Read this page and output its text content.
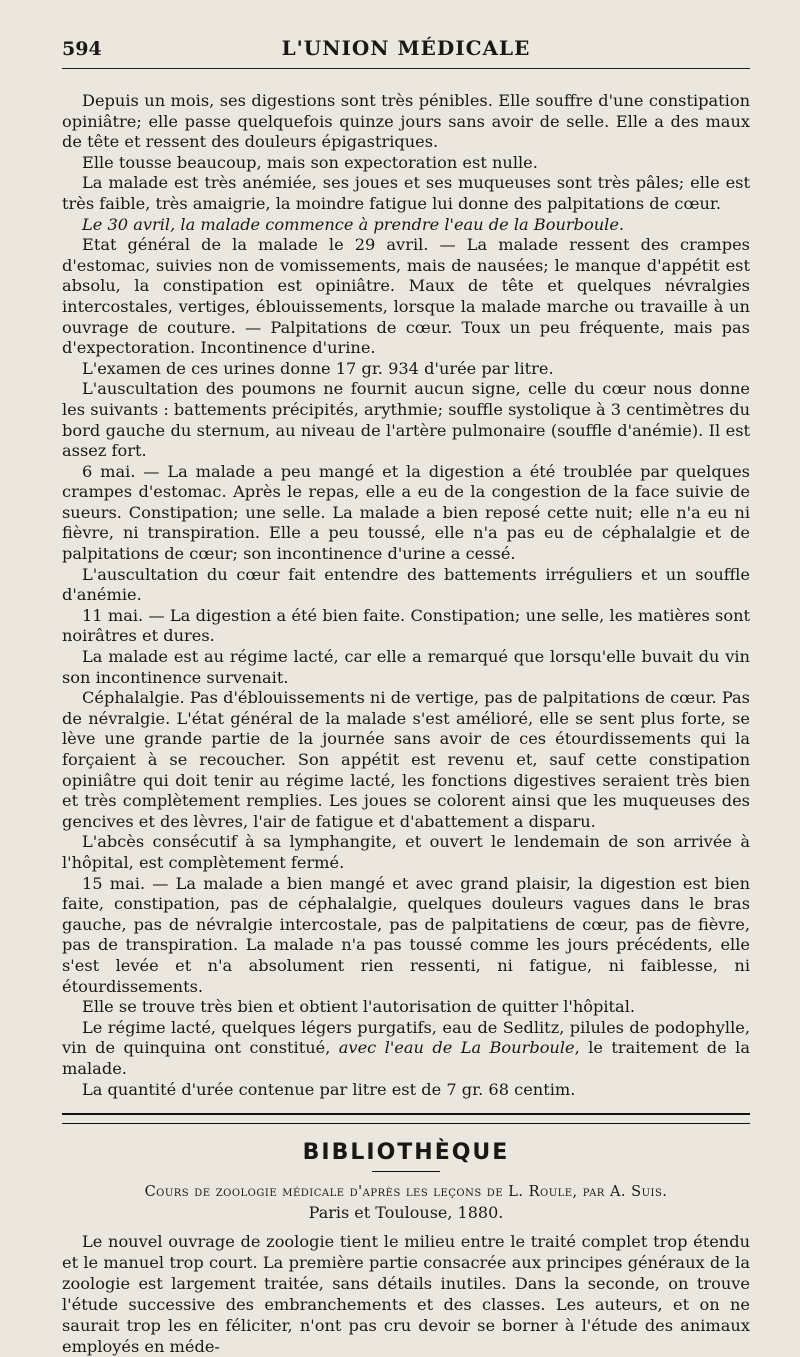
594	L'UNION MÉDICALE

Depuis un mois, ses digestions sont très pénibles. Elle souffre d'une constipation opiniâtre; elle passe quelquefois quinze jours sans avoir de selle. Elle a des maux de tête et ressent des douleurs épigastriques.

Elle tousse beaucoup, mais son expectoration est nulle.

La malade est très anémiée, ses joues et ses muqueuses sont très pâles; elle est très faible, très amaigrie, la moindre fatigue lui donne des palpitations de cœur.

Le 30 avril, la malade commence à prendre l'eau de la Bourboule.

Etat général de la malade le 29 avril. — La malade ressent des crampes d'estomac, suivies non de vomissements, mais de nausées; le manque d'appétit est absolu, la constipation est opiniâtre. Maux de tête et quelques névralgies intercostales, vertiges, éblouissements, lorsque la malade marche ou travaille à un ouvrage de couture. — Palpitations de cœur. Toux un peu fréquente, mais pas d'expectoration. Incontinence d'urine.

L'examen de ces urines donne 17 gr. 934 d'urée par litre.

L'auscultation des poumons ne fournit aucun signe, celle du cœur nous donne les suivants : battements précipités, arythmie; souffle systolique à 3 centimètres du bord gauche du sternum, au niveau de l'artère pulmonaire (souffle d'anémie). Il est assez fort.

6 mai. — La malade a peu mangé et la digestion a été troublée par quelques crampes d'estomac. Après le repas, elle a eu de la congestion de la face suivie de sueurs. Constipation; une selle. La malade a bien reposé cette nuit; elle n'a eu ni fièvre, ni transpiration. Elle a peu toussé, elle n'a pas eu de céphalalgie et de palpitations de cœur; son incontinence d'urine a cessé.

L'auscultation du cœur fait entendre des battements irréguliers et un souffle d'anémie.

11 mai. — La digestion a été bien faite. Constipation; une selle, les matières sont noirâtres et dures.

La malade est au régime lacté, car elle a remarqué que lorsqu'elle buvait du vin son incontinence survenait.

Céphalalgie. Pas d'éblouissements ni de vertige, pas de palpitations de cœur. Pas de névralgie. L'état général de la malade s'est amélioré, elle se sent plus forte, se lève une grande partie de la journée sans avoir de ces étourdissements qui la forçaient à se recoucher. Son appétit est revenu et, sauf cette constipation opiniâtre qui doit tenir au régime lacté, les fonctions digestives seraient très bien et très complètement remplies. Les joues se colorent ainsi que les muqueuses des gencives et des lèvres, l'air de fatigue et d'abattement a disparu.

L'abcès consécutif à sa lymphangite, et ouvert le lendemain de son arrivée à l'hôpital, est complètement fermé.

15 mai. — La malade a bien mangé et avec grand plaisir, la digestion est bien faite, constipation, pas de céphalalgie, quelques douleurs vagues dans le bras gauche, pas de névralgie intercostale, pas de palpitatiens de cœur, pas de fièvre, pas de transpiration. La malade n'a pas toussé comme les jours précédents, elle s'est levée et n'a absolument rien ressenti, ni fatigue, ni faiblesse, ni étourdissements.

Elle se trouve très bien et obtient l'autorisation de quitter l'hôpital.

Le régime lacté, quelques légers purgatifs, eau de Sedlitz, pilules de podophylle, vin de quinquina ont constitué, avec l'eau de La Bourboule, le traitement de la malade.

La quantité d'urée contenue par litre est de 7 gr. 68 centim.

BIBLIOTHÈQUE
Cours de zoologie médicale d'après les leçons de L. Roule, par A. Suis.
Paris et Toulouse, 1880.

Le nouvel ouvrage de zoologie tient le milieu entre le traité complet trop étendu et le manuel trop court. La première partie consacrée aux principes généraux de la zoologie est largement traitée, sans détails inutiles. Dans la seconde, on trouve l'étude successive des embranchements et des classes. Les auteurs, et on ne saurait trop les en féliciter, n'ont pas cru devoir se borner à l'étude des animaux employés en méde-
